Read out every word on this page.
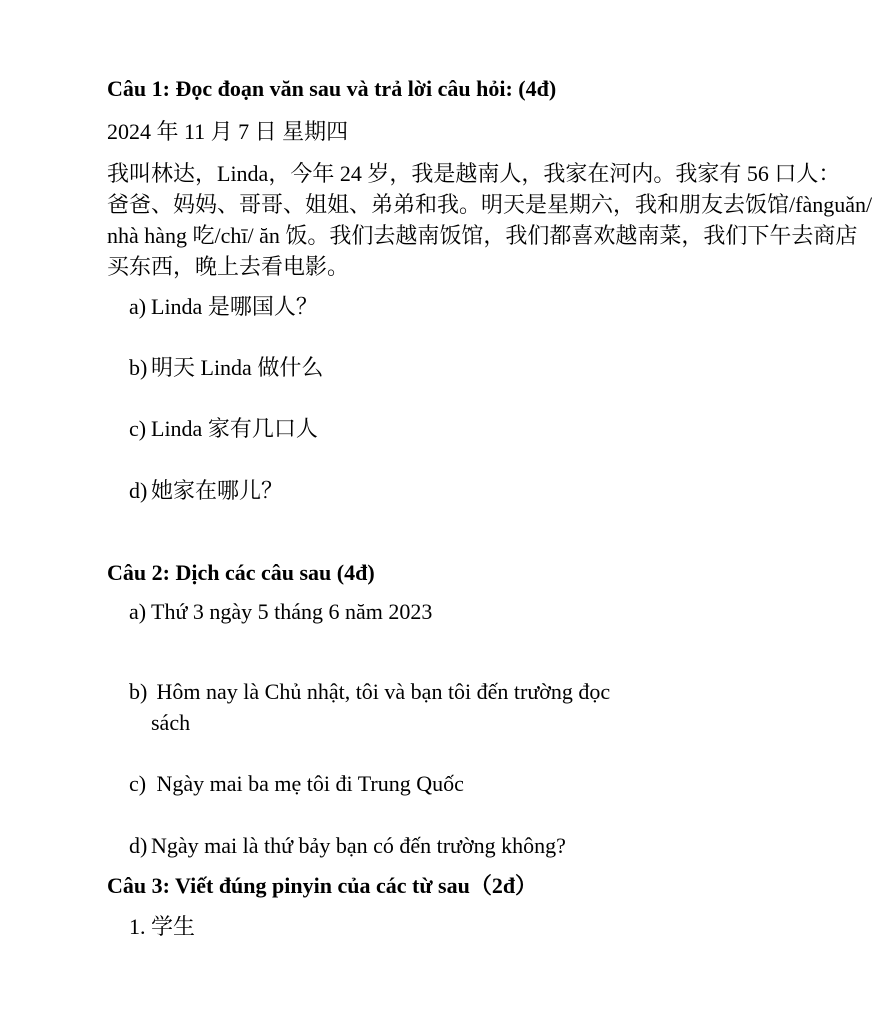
Câu 1: Đọc đoạn văn sau và trả lời câu hỏi: (4đ)
2024 年 11 月 7 日 星期四
我叫林达，Linda，今年 24 岁，我是越南人，我家在河内。我家有 56 口人：
爸爸、妈妈、哥哥、姐姐、弟弟和我。明天是星期六，我和朋友去饭馆/fànguǎn/
nhà hàng 吃/chī/ ăn 饭。我们去越南饭馆，我们都喜欢越南菜，我们下午去商店
买东西，晚上去看电影。
a) Linda 是哪国人？
b) 明天 Linda 做什么
c) Linda 家有几口人
d) 她家在哪儿？
Câu 2: Dịch các câu sau (4đ)
a) Thứ 3 ngày 5 tháng 6 năm 2023
b) Hôm nay là Chủ nhật, tôi và bạn tôi đến trường đọc
sách
c) Ngày mai ba mẹ tôi đi Trung Quốc
d) Ngày mai là thứ bảy bạn có đến trường không?
Câu 3: Viết đúng pinyin của các từ sau（2đ）
1. 学生
